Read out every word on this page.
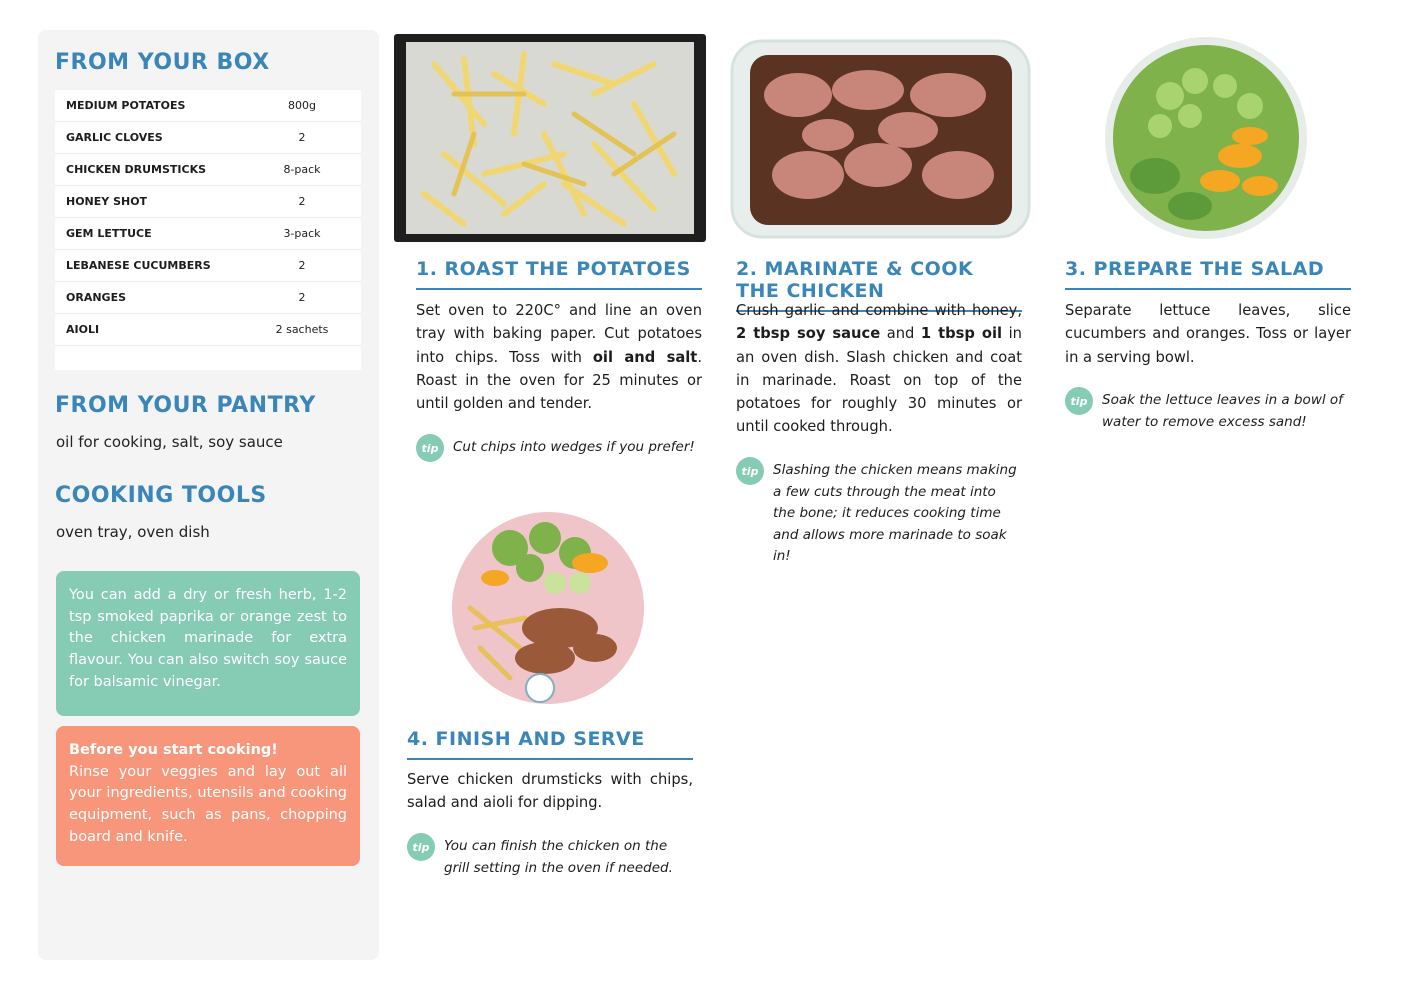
FROM YOUR BOX
MEDIUM POTATOES	800g
GARLIC CLOVES	2
CHICKEN DRUMSTICKS	8-pack
HONEY SHOT	2
GEM LETTUCE	3-pack
LEBANESE CUCUMBERS	2
ORANGES	2
AIOLI	2 sachets
FROM YOUR PANTRY
oil for cooking, salt, soy sauce
COOKING TOOLS
oven tray, oven dish
You can add a dry or fresh herb, 1-2 tsp smoked paprika or orange zest to the chicken marinade for extra flavour. You can also switch soy sauce for balsamic vinegar.
Before you start cooking!
Rinse your veggies and lay out all your ingredients, utensils and cooking equipment, such as pans, chopping board and knife.
1. ROAST THE POTATOES
Set oven to 220C° and line an oven tray with baking paper. Cut potatoes into chips. Toss with oil and salt. Roast in the oven for 25 minutes or until golden and tender.
tip	Cut chips into wedges if you prefer!
2. MARINATE & COOK THE CHICKEN
Crush garlic and combine with honey, 2 tbsp soy sauce and 1 tbsp oil in an oven dish. Slash chicken and coat in marinade. Roast on top of the potatoes for roughly 30 minutes or until cooked through.
tip	Slashing the chicken means making a few cuts through the meat into the bone; it reduces cooking time and allows more marinade to soak in!
3. PREPARE THE SALAD
Separate lettuce leaves, slice cucumbers and oranges. Toss or layer in a serving bowl.
tip	Soak the lettuce leaves in a bowl of water to remove excess sand!
4. FINISH AND SERVE
Serve chicken drumsticks with chips, salad and aioli for dipping.
tip	You can finish the chicken on the grill setting in the oven if needed.
